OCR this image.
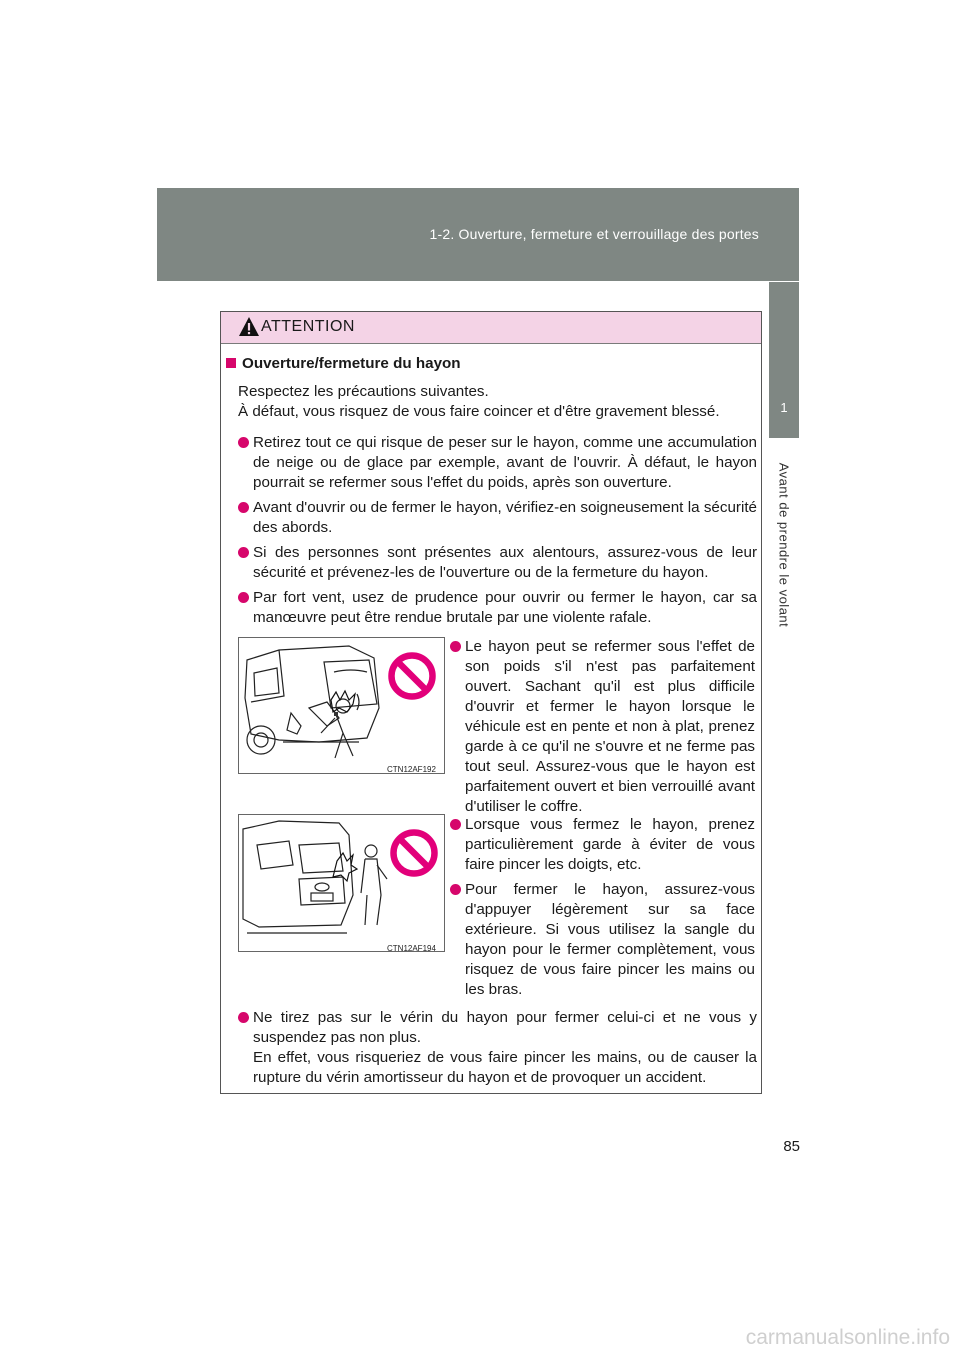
1-2. Ouverture, fermeture et verrouillage des portes
1
Avant de prendre le volant
ATTENTION
Ouverture/fermeture du hayon
Respectez les précautions suivantes.
À défaut, vous risquez de vous faire coincer et d'être gravement blessé.
Retirez tout ce qui risque de peser sur le hayon, comme une accumulation de neige ou de glace par exemple, avant de l'ouvrir. À défaut, le hayon pourrait se refermer sous l'effet du poids, après son ouverture.
Avant d'ouvrir ou de fermer le hayon, vérifiez-en soigneusement la sécurité des abords.
Si des personnes sont présentes aux alentours, assurez-vous de leur sécurité et prévenez-les de l'ouverture ou de la fermeture du hayon.
Par fort vent, usez de prudence pour ouvrir ou fermer le hayon, car sa manœuvre peut être rendue brutale par une violente rafale.
CTN12AF192
CTN12AF194
Le hayon peut se refermer sous l'effet de son poids s'il n'est pas parfaitement ouvert. Sachant qu'il est plus difficile d'ouvrir et fermer le hayon lorsque le véhicule est en pente et non à plat, prenez garde à ce qu'il ne s'ouvre et ne ferme pas tout seul. Assurez-vous que le hayon est parfaitement ouvert et bien verrouillé avant d'utiliser le coffre.
Lorsque vous fermez le hayon, prenez particulièrement garde à éviter de vous faire pincer les doigts, etc.
Pour fermer le hayon, assurez-vous d'appuyer légèrement sur sa face extérieure. Si vous utilisez la sangle du hayon pour le fermer complètement, vous risquez de vous faire pincer les mains ou les bras.
Ne tirez pas sur le vérin du hayon pour fermer celui-ci et ne vous y suspendez pas non plus.
En effet, vous risqueriez de vous faire pincer les mains, ou de causer la rupture du vérin amortisseur du hayon et de provoquer un accident.
85
carmanualsonline.info
